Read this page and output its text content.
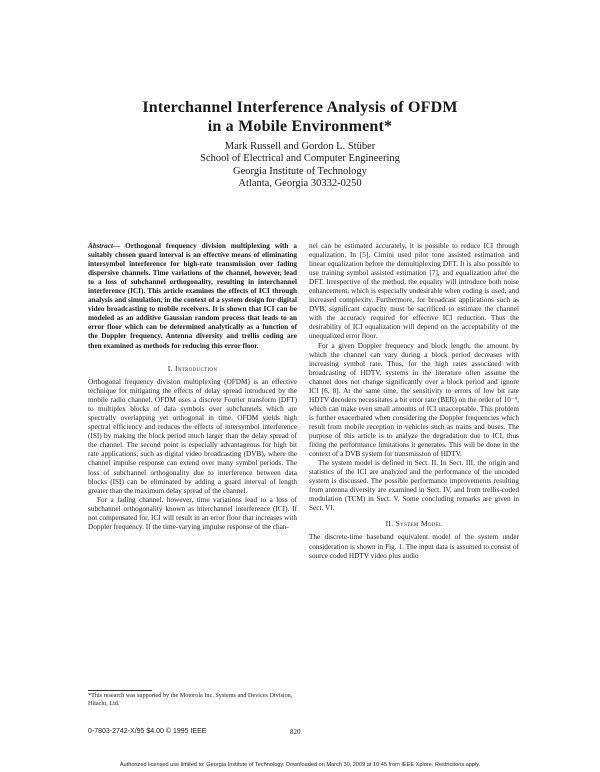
Interchannel Interference Analysis of OFDM
in a Mobile Environment*
Mark Russell and Gordon L. Stüber
School of Electrical and Computer Engineering
Georgia Institute of Technology
Atlanta, Georgia 30332-0250
Abstract— Orthogonal frequency division multiplexing with a suitably chosen guard interval is an effective means of eliminating intersymbol interference for high-rate transmission over fading dispersive channels. Time variations of the channel, however, lead to a loss of subchannel orthogonality, resulting in interchannel interference (ICI). This article examines the effects of ICI through analysis and simulation, in the context of a system design for digital video broadcasting to mobile receivers. It is shown that ICI can be modeled as an additive Gaussian random process that leads to an error floor which can be determined analytically as a function of the Doppler frequency. Antenna diversity and trellis coding are then examined as methods for reducing this error floor.
I. Introduction

Orthogonal frequency division multiplexing (OFDM) is an effective technique for mitigating the effects of delay spread introduced by the mobile radio channel. OFDM uses a discrete Fourier transform (DFT) to multiplex blocks of data symbols over subchannels which are spectrally overlapping yet orthogonal in time. OFDM yields high spectral efficiency and reduces the effects of intersymbol interference (ISI) by making the block period much larger than the delay spread of the channel. The second point is especially advantageous for high bit rate applications, such as digital video broadcasting (DVB), where the channel impulse response can extend over many symbol periods. The loss of subchannel orthogonality due to interference between data blocks (ISI) can be eliminated by adding a guard interval of length greater than the maximum delay spread of the channel.

For a fading channel, however, time variations lead to a loss of subchannel orthogonality known as interchannel interference (ICI). If not compensated for, ICI will result in an error floor that increases with Doppler frequency. If the time-varying impulse response of the chan-

nel can be estimated accurately, it is possible to reduce ICI through equalization. In [5], Cimini used pilot tone assisted estimation and linear equalization before the demultiplexing DFT. It is also possible to use training symbol assisted estimation [7], and equalization after the DFT. Irrespective of the method, the equality will introduce both noise enhancement, which is especially undesirable when coding is used, and increased complexity. Furthermore, for broadcast applications such as DVB, significant capacity must be sacrificed to estimate the channel with the accuracy required for effective ICI reduction. Thus the desirability of ICI equalization will depend on the acceptability of the unequalized error floor.

For a given Doppler frequency and block length, the amount by which the channel can vary during a block period decreases with increasing symbol rate. Thus, for the high rates associated with broadcasting of HDTV, systems in the literature often assume the channel does not change significantly over a block period and ignore ICI [6, 8]. At the same time, the sensitivity to errors of low bit rate HDTV decoders necessitates a bit error rate (BER) on the order of 10⁻⁹, which can make even small amounts of ICI unacceptable. This problem is further exacerbated when considering the Doppler frequencies which result from mobile reception in vehicles such as trains and buses. The purpose of this article is to analyze the degradation due to ICI, thus fixing the performance limitations it generates. This will be done in the context of a DVB system for transmission of HDTV.

The system model is defined in Sect. II. In Sect. III, the origin and statistics of the ICI are analyzed and the performance of the uncoded system is discussed. The possible performance improvements resulting from antenna diversity are examined in Sect. IV, and from trellis-coded modulation (TCM) in Sect. V. Some concluding remarks are given in Sect. VI.

II. System Model

The discrete-time baseband equivalent model of the system under consideration is shown in Fig. 1. The input data is assumed to consist of source coded HDTV video plus audio

*This research was supported by the Motorola Inc. Systems and Devices Division, Hitachi, Ltd.
0-7803-2742-X/95 $4.00 © 1995 IEEE	820
Authorized licensed use limited to: Georgia Institute of Technology. Downloaded on March 30, 2009 at 10:45 from IEEE Xplore. Restrictions apply.
